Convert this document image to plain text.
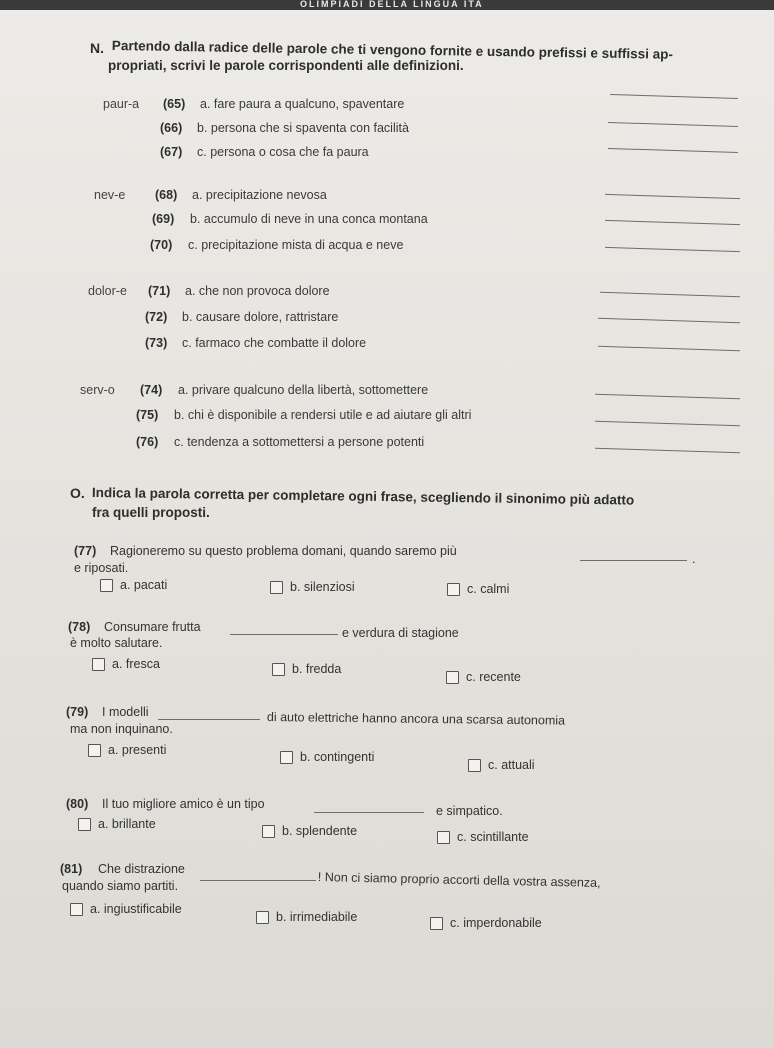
OLIMPIADI DELLA LINGUA ITA
N. Partendo dalla radice delle parole che ti vengono fornite e usando prefissi e suffissi ap-
propriati, scrivi le parole corrispondenti alle definizioni.
paur-a (65) a. fare paura a qualcuno, spaventare
(66) b. persona che si spaventa con facilità
(67) c. persona o cosa che fa paura
nev-e (68) a. precipitazione nevosa
(69) b. accumulo di neve in una conca montana
(70) c. precipitazione mista di acqua e neve
dolor-e (71) a. che non provoca dolore
(72) b. causare dolore, rattristare
(73) c. farmaco che combatte il dolore
serv-o (74) a. privare qualcuno della libertà, sottomettere
(75) b. chi è disponibile a rendersi utile e ad aiutare gli altri
(76) c. tendenza a sottomettersi a persone potenti
O. Indica la parola corretta per completare ogni frase, scegliendo il sinonimo più adatto
fra quelli proposti.
(77) Ragioneremo su questo problema domani, quando saremo più
.
e riposati.
a. pacati	b. silenziosi	c. calmi
(78) Consumare frutta	e verdura di stagione
è molto salutare.
a. fresca	b. fredda
c. recente
(79) I modelli	di auto elettriche hanno ancora una scarsa autonomia
ma non inquinano.
a. presenti	b. contingenti
c. attuali
(80) Il tuo migliore amico è un tipo	e simpatico.
a. brillante	b. splendente	c. scintillante
(81) Che distrazione
! Non ci siamo proprio accorti della vostra assenza,
quando siamo partiti.
a. ingiustificabile
b. irrimediabile	c. imperdonabile
